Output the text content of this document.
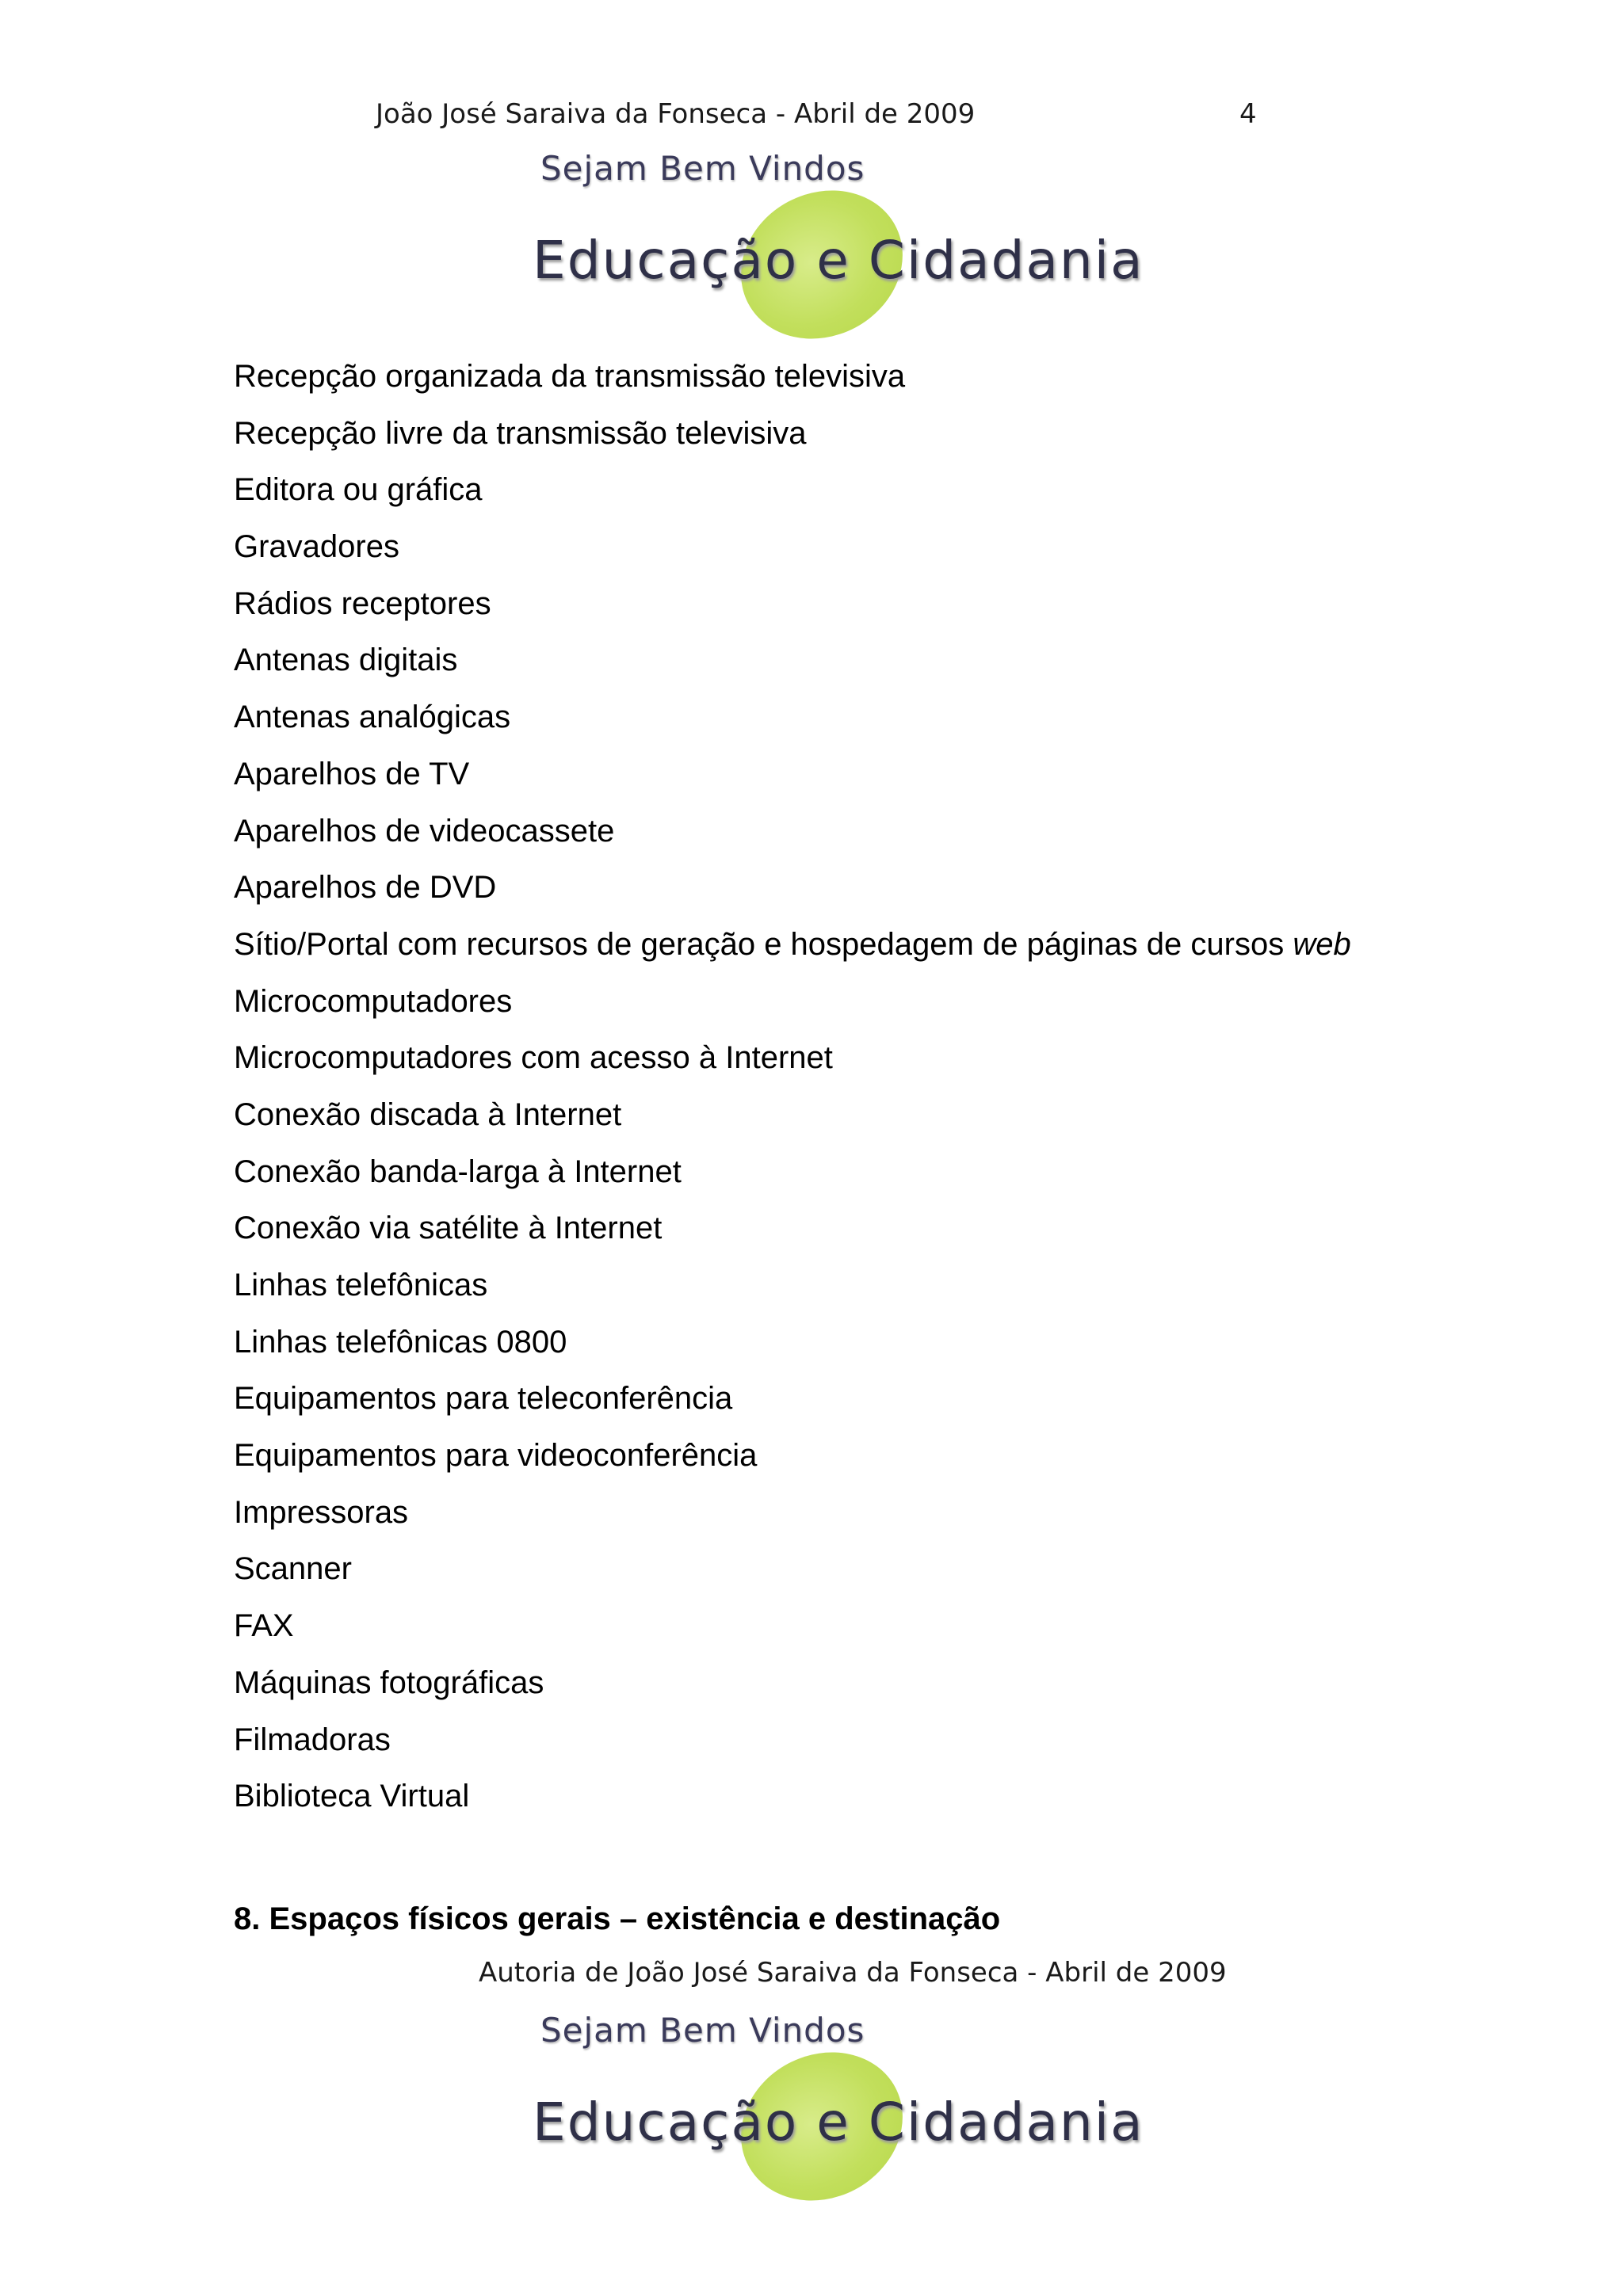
João José Saraiva da Fonseca - Abril de 2009	4
Sejam Bem Vindos
Educação e Cidadania
Recepção organizada da transmissão televisiva
Recepção livre da transmissão televisiva
Editora ou gráfica
Gravadores
Rádios receptores
Antenas digitais
Antenas analógicas
Aparelhos de TV
Aparelhos de videocassete
Aparelhos de DVD
Sítio/Portal com recursos de geração e hospedagem de páginas de cursos web
Microcomputadores
Microcomputadores com acesso à Internet
Conexão discada à Internet
Conexão banda-larga à Internet
Conexão via satélite à Internet
Linhas telefônicas
Linhas telefônicas 0800
Equipamentos para teleconferência
Equipamentos para videoconferência
Impressoras
Scanner
FAX
Máquinas fotográficas
Filmadoras
Biblioteca Virtual
8. Espaços físicos gerais – existência e destinação
Autoria de João José Saraiva da Fonseca - Abril de 2009
Sejam Bem Vindos
Educação e Cidadania
